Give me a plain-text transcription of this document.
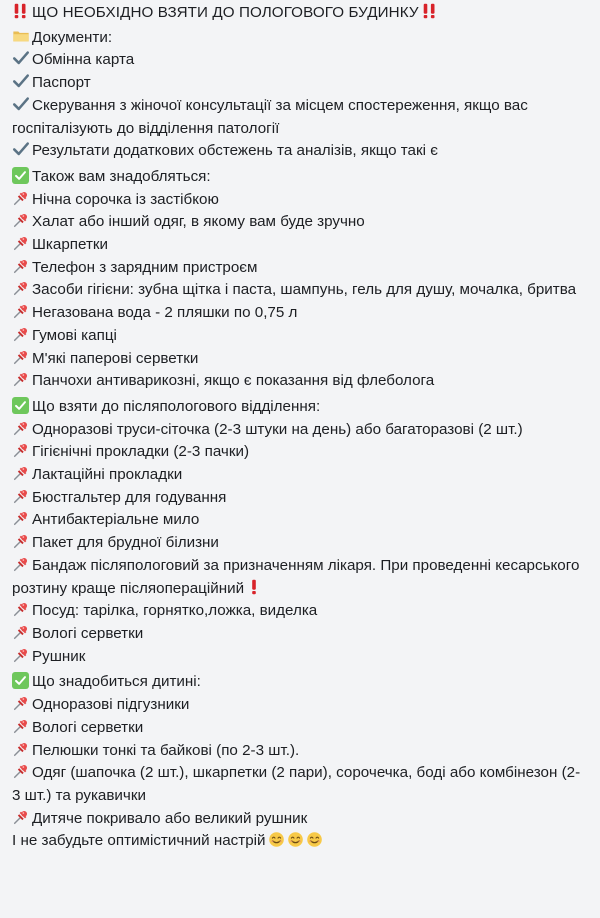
ЩО НЕОБХІДНО ВЗЯТИ ДО ПОЛОГОВОГО БУДИНКУ
Документи:
Обмінна карта
Паспорт
Скерування з жіночої консультації за місцем спостереження, якщо вас госпіталізують до відділення патології
Результати додаткових обстежень та аналізів, якщо такі є
Також вам знадобляться:
Нічна сорочка із застібкою
Халат або інший одяг, в якому вам буде зручно
Шкарпетки
Телефон з зарядним пристроєм
Засоби гігієни: зубна щітка і паста, шампунь, гель для душу, мочалка, бритва
Негазована вода - 2 пляшки по 0,75 л
Гумові капці
М'які паперові серветки
Панчохи антиварикозні, якщо є показання від флеболога
Що взяти до післяпологового відділення:
Одноразові труси-сіточка (2-3 штуки на день) або багаторазові (2 шт.)
Гігієнічні прокладки (2-3 пачки)
Лактаційні прокладки
Бюстгальтер для годування
Антибактеріальне мило
Пакет для брудної білизни
Бандаж післяпологовий за призначенням лікаря. При проведенні кесарського розтину краще післяопераційний
Посуд: тарілка, горнятко,ложка, виделка
Вологі серветки
Рушник
Що знадобиться дитині:
Одноразові підгузники
Вологі серветки
Пелюшки тонкі та байкові (по 2-3 шт.).
Одяг (шапочка (2 шт.), шкарпетки (2 пари), сорочечка, боді або комбінезон (2-3 шт.) та рукавички
Дитяче покривало або великий рушник
І не забудьте оптимістичний настрій
